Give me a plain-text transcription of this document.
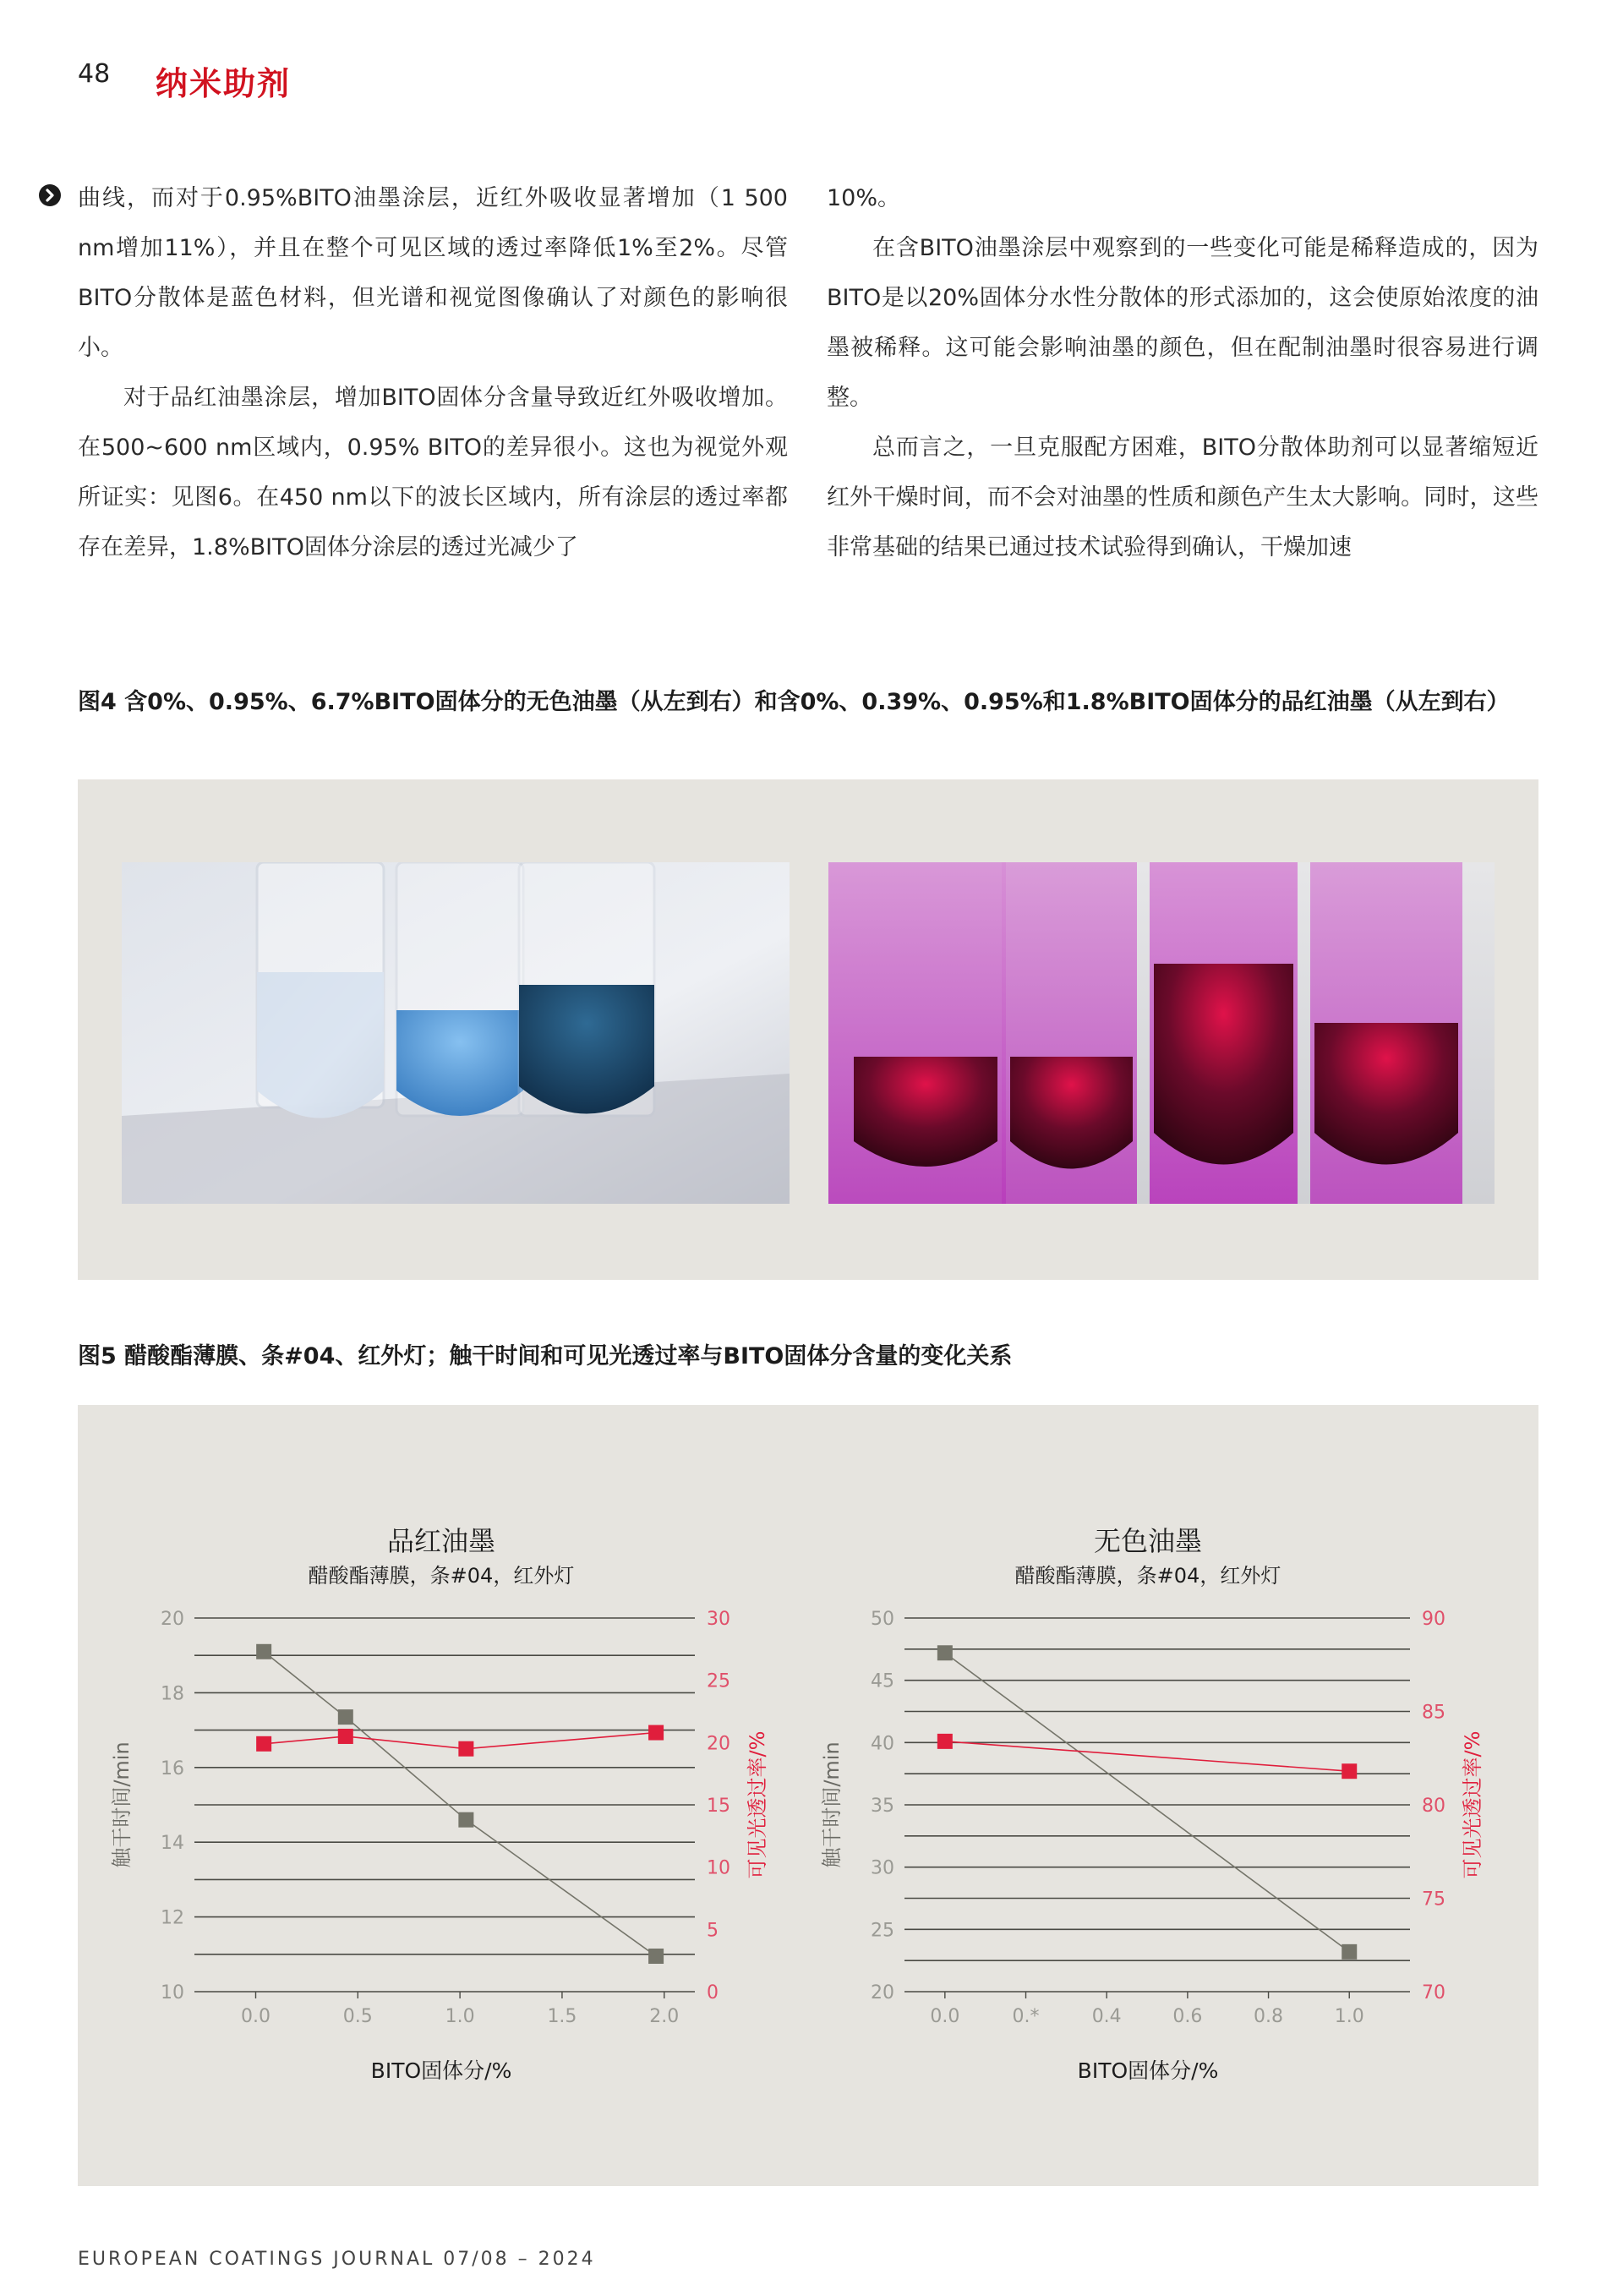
48 纳米助剂

曲线，而对于0.95%BITO油墨涂层，近红外吸收显著增加（1 500 nm增加11%），并且在整个可见区域的透过率降低1%至2%。尽管BITO分散体是蓝色材料，但光谱和视觉图像确认了对颜色的影响很小。

对于品红油墨涂层，增加BITO固体分含量导致近红外吸收增加。在500~600 nm区域内，0.95% BITO的差异很小。这也为视觉外观所证实：见图6。在450 nm以下的波长区域内，所有涂层的透过率都存在差异，1.8%BITO固体分涂层的透过光减少了

10%。

在含BITO油墨涂层中观察到的一些变化可能是稀释造成的，因为BITO是以20%固体分水性分散体的形式添加的，这会使原始浓度的油墨被稀释。这可能会影响油墨的颜色，但在配制油墨时很容易进行调整。

总而言之，一旦克服配方困难，BITO分散体助剂可以显著缩短近红外干燥时间，而不会对油墨的性质和颜色产生太大影响。同时，这些非常基础的结果已通过技术试验得到确认，干燥加速

图4 含0%、0.95%、6.7%BITO固体分的无色油墨（从左到右）和含0%、0.39%、0.95%和1.8%BITO固体分的品红油墨（从左到右）
图5 醋酸酯薄膜、条#04、红外灯；触干时间和可见光透过率与BITO固体分含量的变化关系
品红油墨
醋酸酯薄膜，条#04，红外灯
10
12
14
16
18
20
0
5
10
15
20
25
30
0.0	0.5	1.0	1.5	2.0
触干时间/min	可见光透过率/%
BITO固体分/%
无色油墨
醋酸酯薄膜，条#04，红外灯
20
25
30
35
40
45
50
70
75
80
85
90
0.0	0.*	0.4	0.6	0.8	1.0
触干时间/min	可见光透过率/%
BITO固体分/%
EUROPEAN COATINGS JOURNAL 07/08 – 2024
